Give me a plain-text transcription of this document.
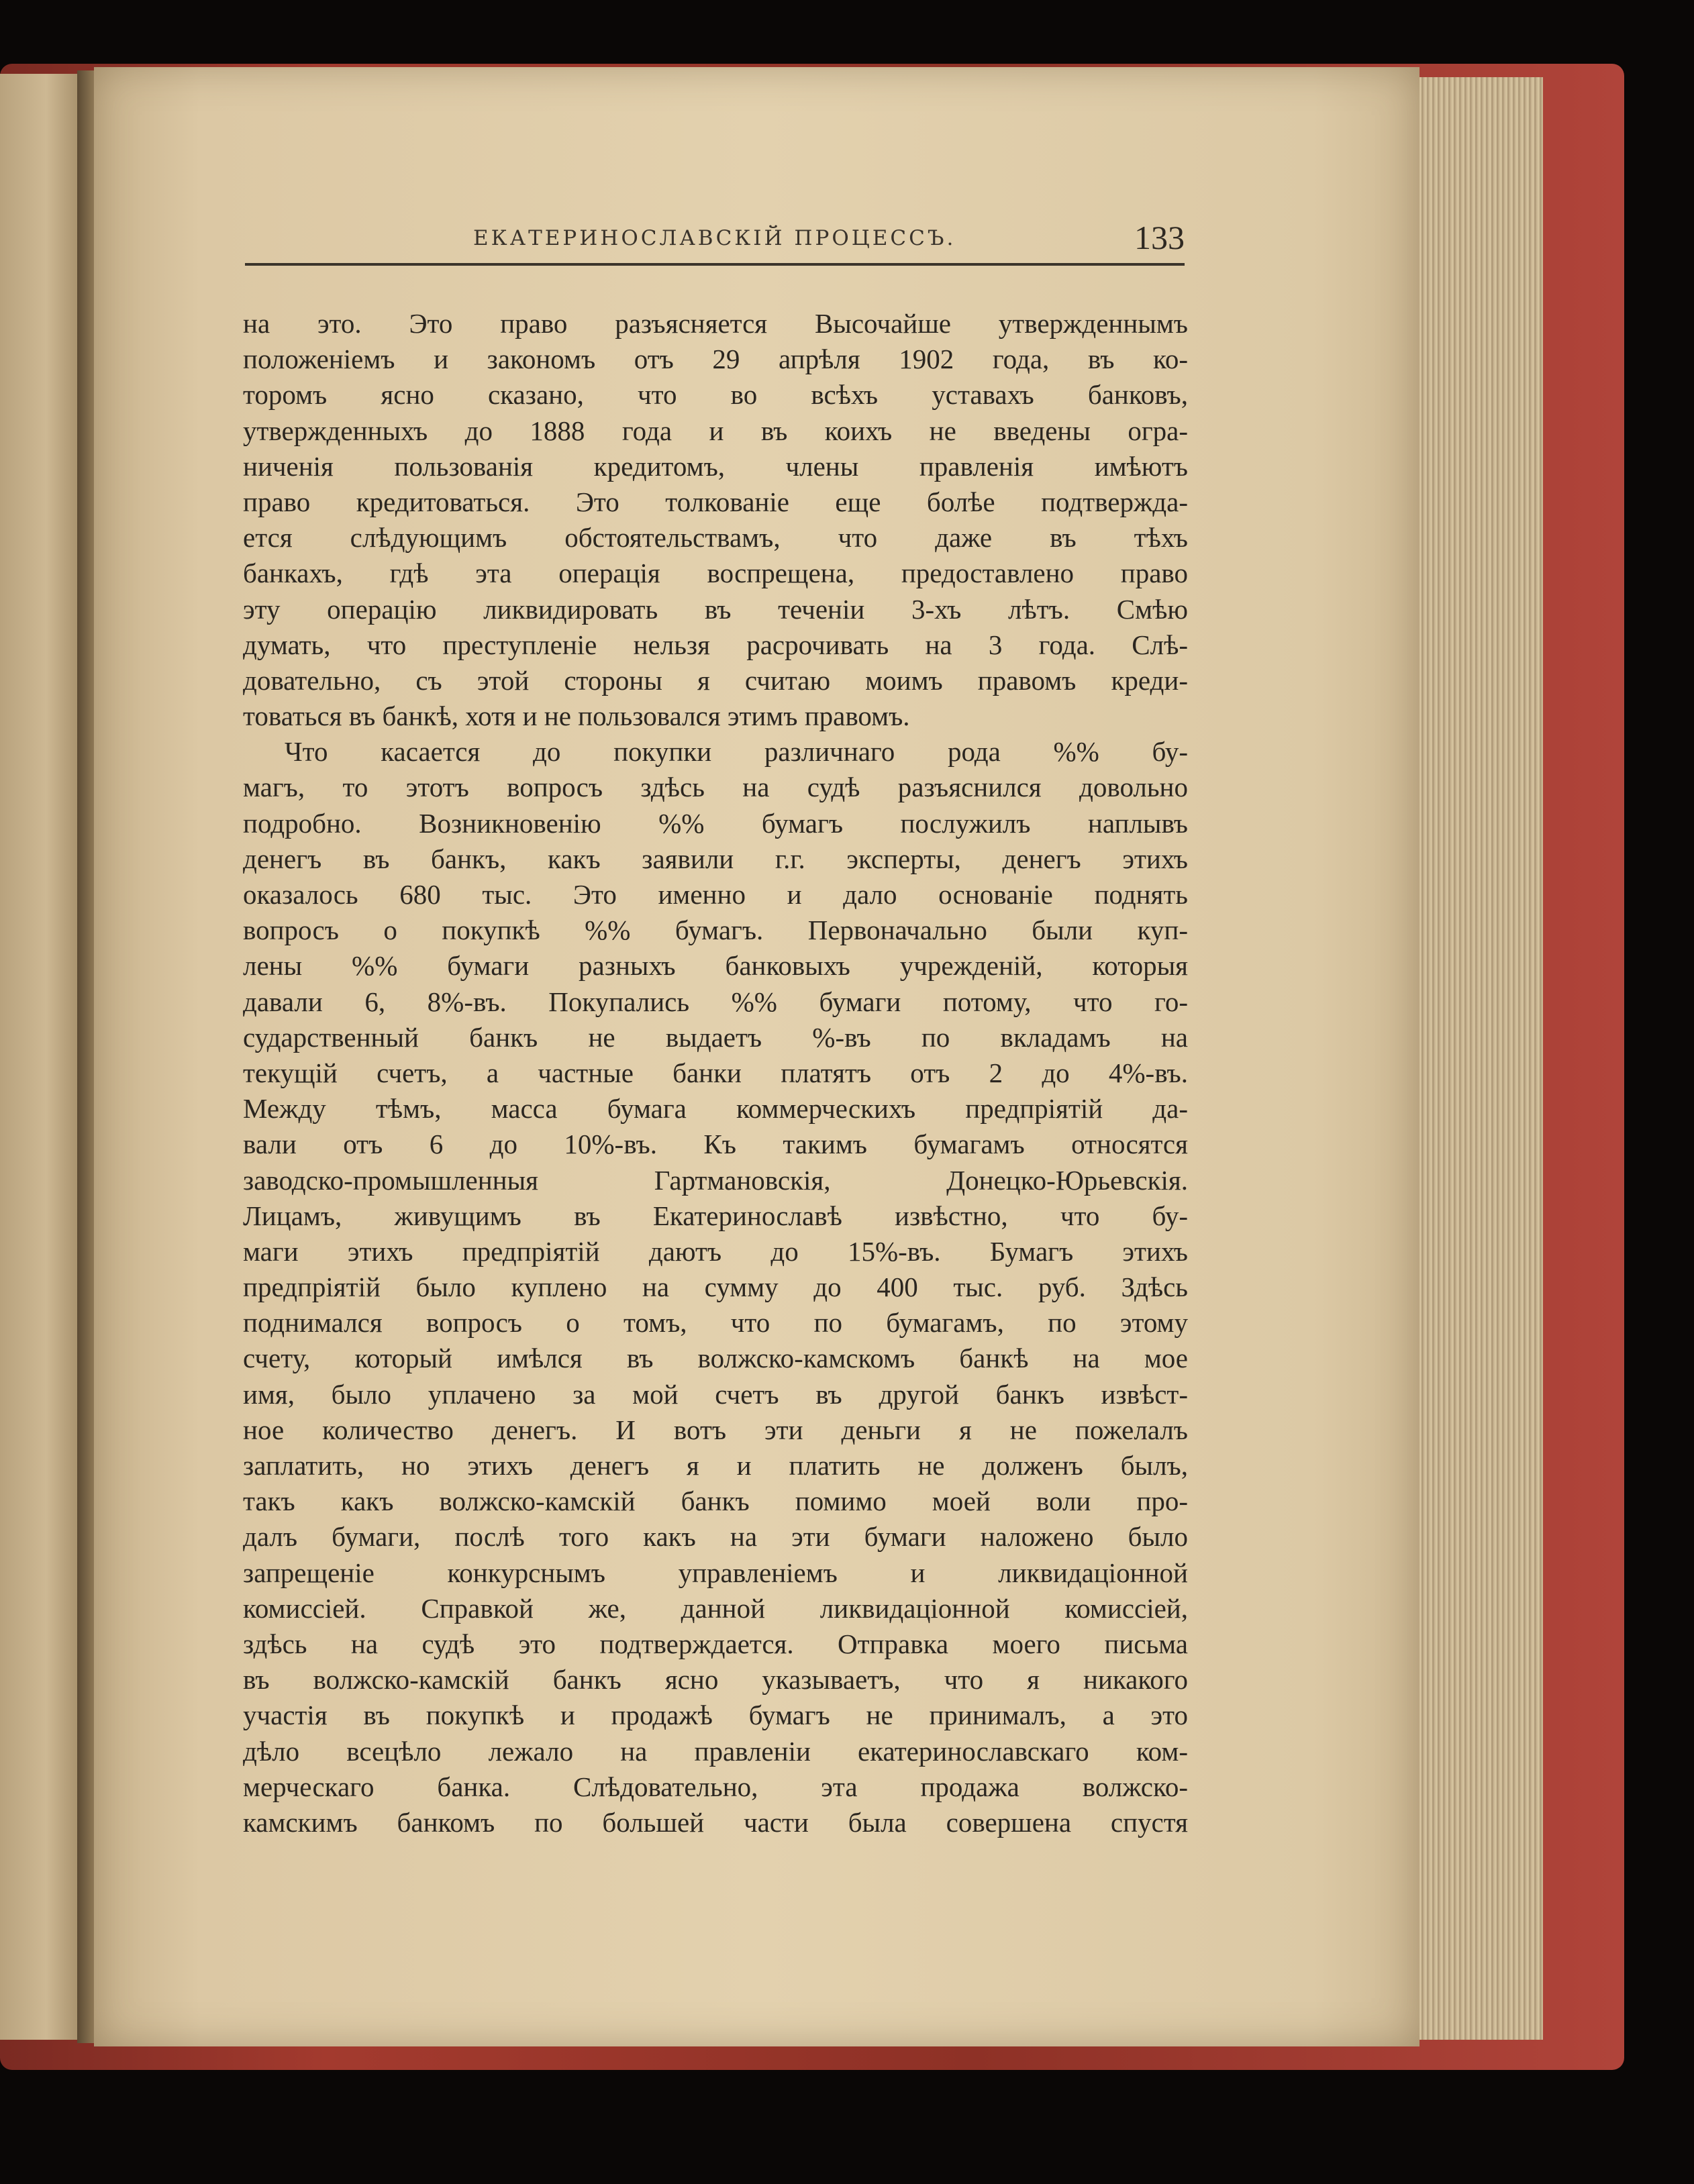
ЕКАТЕРИНОСЛАВСКІЙ ПРОЦЕССЪ.	133
на это. Это право разъясняется Высочайше утвержденнымъ
положеніемъ и закономъ отъ 29 апрѣля 1902 года, въ ко-
торомъ ясно сказано, что во всѣхъ уставахъ банковъ,
утвержденныхъ до 1888 года и въ коихъ не введены огра-
ниченія пользованія кредитомъ, члены правленія имѣютъ
право кредитоваться. Это толкованіе еще болѣе подтвержда-
ется слѣдующимъ обстоятельствамъ, что даже въ тѣхъ
банкахъ, гдѣ эта операція воспрещена, предоставлено право
эту операцію ликвидировать въ теченіи 3-хъ лѣтъ. Смѣю
думать, что преступленіе нельзя расрочивать на 3 года. Слѣ-
довательно, съ этой стороны я считаю моимъ правомъ креди-
товаться въ банкѣ, хотя и не пользовался этимъ правомъ.
Что касается до покупки различнаго рода %% бу-
магъ, то этотъ вопросъ здѣсь на судѣ разъяснился довольно
подробно. Возникновенію %% бумагъ послужилъ наплывъ
денегъ въ банкъ, какъ заявили г.г. эксперты, денегъ этихъ
оказалось 680 тыс. Это именно и дало основаніе поднять
вопросъ о покупкѣ %% бумагъ. Первоначально были куп-
лены %% бумаги разныхъ банковыхъ учрежденій, которыя
давали 6, 8%-въ. Покупались %% бумаги потому, что го-
сударственный банкъ не выдаетъ %-въ по вкладамъ на
текущій счетъ, а частные банки платятъ отъ 2 до 4%-въ.
Между тѣмъ, масса бумага коммерческихъ предпріятій да-
вали отъ 6 до 10%-въ. Къ такимъ бумагамъ относятся
заводско-промышленныя Гартмановскія, Донецко-Юрьевскія.
Лицамъ, живущимъ въ Екатеринославѣ извѣстно, что бу-
маги этихъ предпріятій даютъ до 15%-въ. Бумагъ этихъ
предпріятій было куплено на сумму до 400 тыс. руб. Здѣсь
поднимался вопросъ о томъ, что по бумагамъ, по этому
счету, который имѣлся въ волжско-камскомъ банкѣ на мое
имя, было уплачено за мой счетъ въ другой банкъ извѣст-
ное количество денегъ. И вотъ эти деньги я не пожелалъ
заплатить, но этихъ денегъ я и платить не долженъ былъ,
такъ какъ волжско-камскій банкъ помимо моей воли про-
далъ бумаги, послѣ того какъ на эти бумаги наложено было
запрещеніе конкурснымъ управленіемъ и ликвидаціонной
комиссіей. Справкой же, данной ликвидаціонной комиссіей,
здѣсь на судѣ это подтверждается. Отправка моего письма
въ волжско-камскій банкъ ясно указываетъ, что я никакого
участія въ покупкѣ и продажѣ бумагъ не принималъ, а это
дѣло всецѣло лежало на правленіи екатеринославскаго ком-
мерческаго банка. Слѣдовательно, эта продажа волжско-
камскимъ банкомъ по большей части была совершена спустя
